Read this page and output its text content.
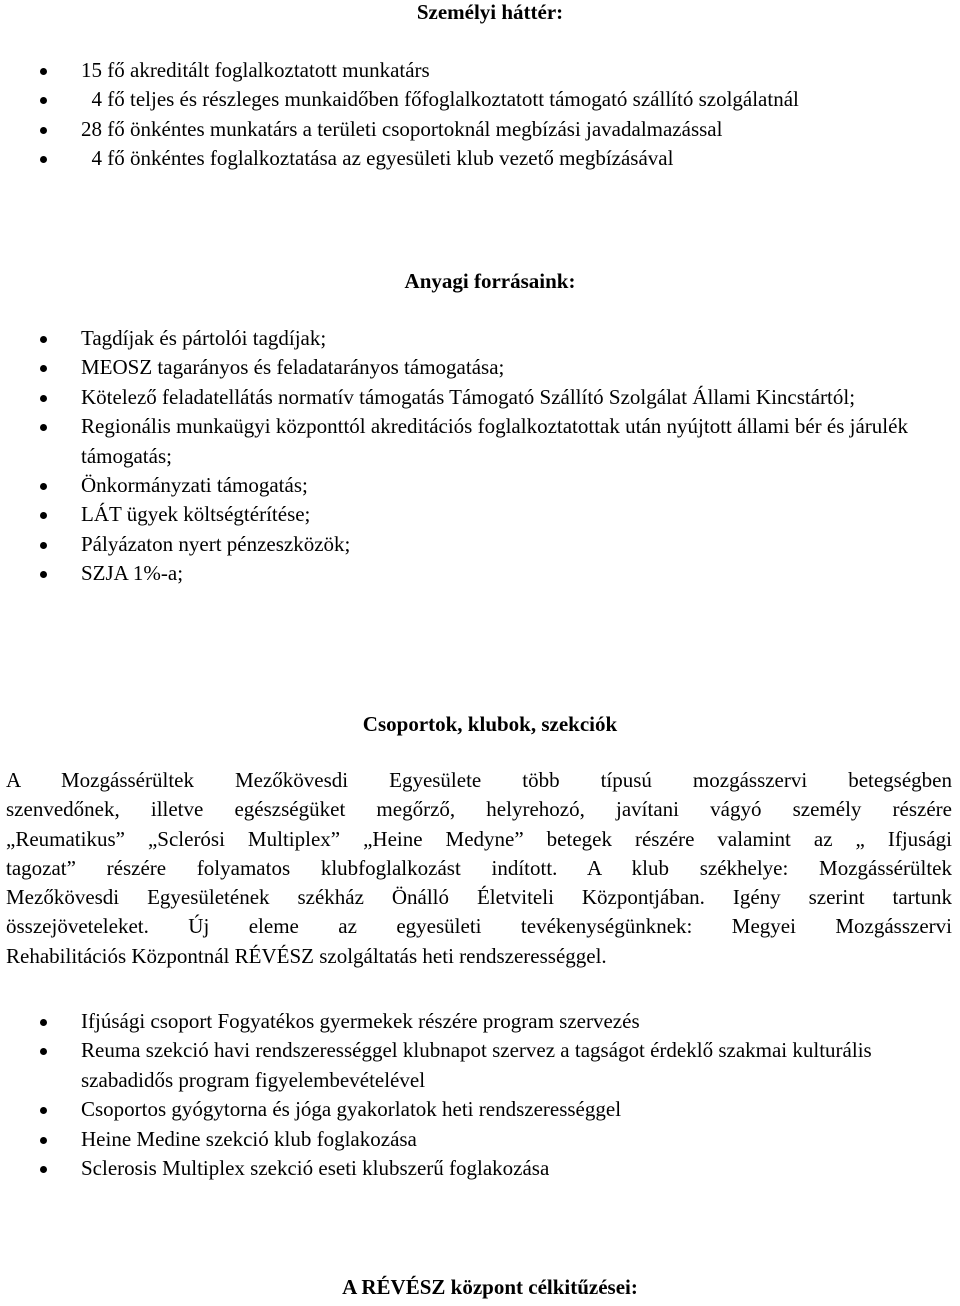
Személyi háttér:
15 fő akreditált foglalkoztatott munkatárs
4 fő teljes és részleges munkaidőben főfoglalkoztatott támogató szállító szolgálatnál
28 fő önkéntes munkatárs a területi csoportoknál megbízási javadalmazással
4 fő önkéntes foglalkoztatása az egyesületi klub vezető megbízásával
Anyagi forrásaink:
Tagdíjak és pártolói tagdíjak;
MEOSZ tagarányos és feladatarányos támogatása;
Kötelező feladatellátás normatív támogatás Támogató Szállító Szolgálat Állami Kincstártól;
Regionális munkaügyi központtól akreditációs foglalkoztatottak után nyújtott állami bér és járulék támogatás;
Önkormányzati támogatás;
LÁT ügyek költségtérítése;
Pályázaton nyert pénzeszközök;
SZJA 1%-a;
Csoportok, klubok, szekciók
A Mozgássérültek Mezőkövesdi Egyesülete több típusú mozgásszervi betegségben
szenvedőnek, illetve egészségüket megőrző, helyrehozó, javítani vágyó személy részére
„Reumatikus” „Sclerósi Multiplex” „Heine Medyne” betegek részére valamint az „ Ifjusági
tagozat” részére folyamatos klubfoglalkozást indított. A klub székhelye: Mozgássérültek
Mezőkövesdi Egyesületének székház Önálló Életviteli Központjában. Igény szerint tartunk
összejöveteleket. Új eleme az egyesületi tevékenységünknek: Megyei Mozgásszervi
Rehabilitációs Központnál RÉVÉSZ szolgáltatás heti rendszerességgel.
Ifjúsági csoport Fogyatékos gyermekek részére program szervezés
Reuma szekció havi rendszerességgel klubnapot szervez a tagságot érdeklő szakmai kulturális szabadidős program figyelembevételével
Csoportos gyógytorna és jóga gyakorlatok heti rendszerességgel
Heine Medine szekció klub foglakozása
Sclerosis Multiplex szekció eseti klubszerű foglakozása
A RÉVÉSZ központ célkitűzései:
